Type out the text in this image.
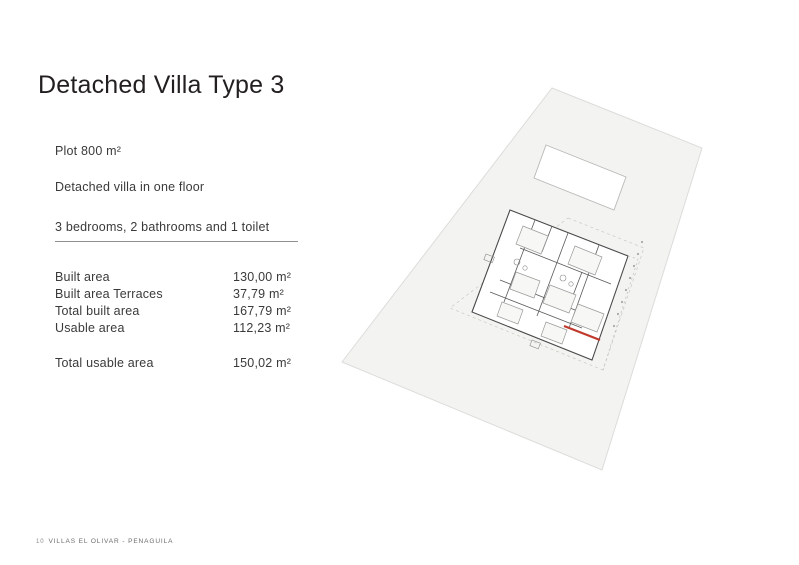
Detached Villa Type 3

Plot 800 m²

Detached villa in one floor

3 bedrooms, 2 bathrooms and 1 toilet
Built area	130,00 m²
Built area Terraces	37,79 m²
Total built area	167,79 m²
Usable area	112,23 m²

Total usable area	150,02 m²
10 VILLAS EL OLIVAR - PENAGUILA
